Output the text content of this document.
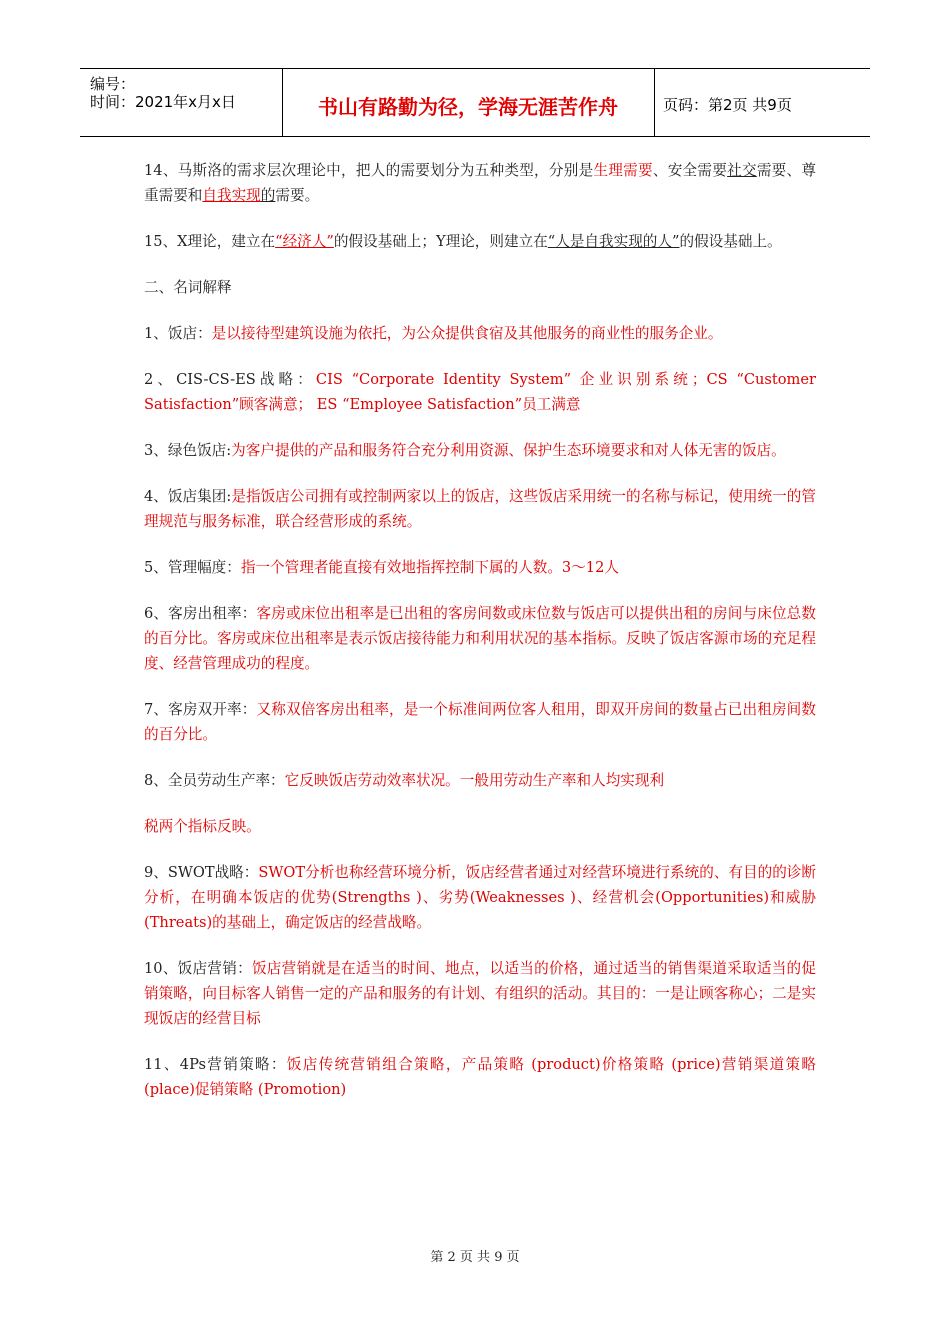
编号：
时间：2021年x月x日	书山有路勤为径，学海无涯苦作舟	页码：第2页 共9页

14、马斯洛的需求层次理论中，把人的需要划分为五种类型，分别是生理需要、安全需要社交需要、尊重需要和自我实现的需要。

15、X理论，建立在“经济人”的假设基础上；Y理论，则建立在“人是自我实现的人”的假设基础上。

二、名词解释

1、饭店：是以接待型建筑设施为依托，为公众提供食宿及其他服务的商业性的服务企业。

2、CIS-CS-ES战略：CIS “Corporate Identity System” 企业识别系统；CS “Customer Satisfaction”顾客满意； ES “Employee Satisfaction”员工满意

3、绿色饭店:为客户提供的产品和服务符合充分利用资源、保护生态环境要求和对人体无害的饭店。

4、饭店集团:是指饭店公司拥有或控制两家以上的饭店，这些饭店采用统一的名称与标记，使用统一的管理规范与服务标准，联合经营形成的系统。

5、管理幅度：指一个管理者能直接有效地指挥控制下属的人数。3～12人

6、客房出租率：客房或床位出租率是已出租的客房间数或床位数与饭店可以提供出租的房间与床位总数的百分比。客房或床位出租率是表示饭店接待能力和利用状况的基本指标。反映了饭店客源市场的充足程度、经营管理成功的程度。

7、客房双开率：又称双倍客房出租率，是一个标准间两位客人租用，即双开房间的数量占已出租房间数的百分比。

8、全员劳动生产率：它反映饭店劳动效率状况。一般用劳动生产率和人均实现利

税两个指标反映。

9、SWOT战略：SWOT分析也称经营环境分析，饭店经营者通过对经营环境进行系统的、有目的的诊断分析，在明确本饭店的优势(Strengths )、劣势(Weaknesses )、经营机会(Opportunities)和威胁(Threats)的基础上，确定饭店的经营战略。

10、饭店营销：饭店营销就是在适当的时间、地点，以适当的价格，通过适当的销售渠道采取适当的促销策略，向目标客人销售一定的产品和服务的有计划、有组织的活动。其目的：一是让顾客称心；二是实现饭店的经营目标

11、4Ps营销策略：饭店传统营销组合策略，产品策略 (product)价格策略 (price)营销渠道策略 (place)促销策略 (Promotion)

第 2 页 共 9 页
